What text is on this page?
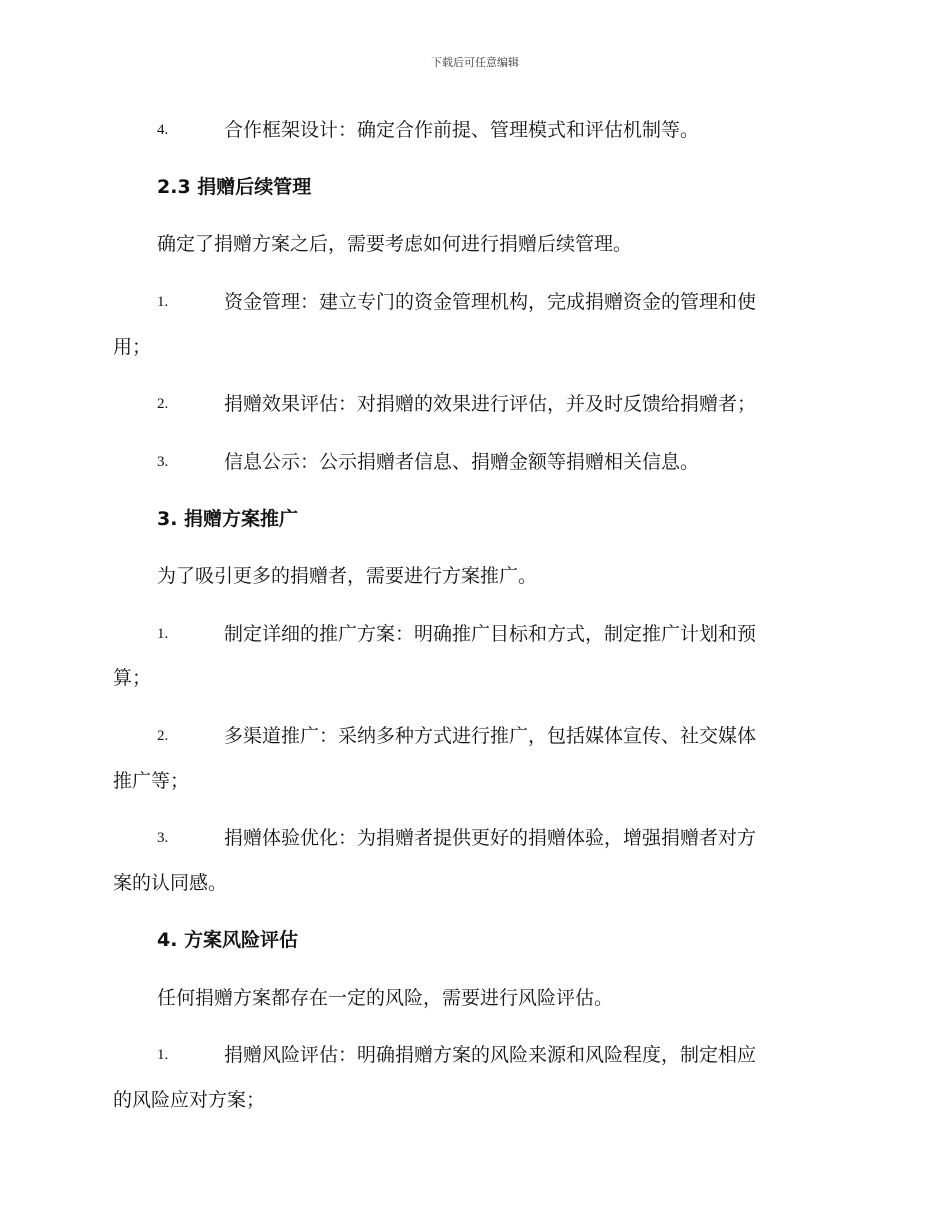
下载后可任意编辑
4.	合作框架设计：确定合作前提、管理模式和评估机制等。
2.3 捐赠后续管理
确定了捐赠方案之后，需要考虑如何进行捐赠后续管理。
1.	资金管理：建立专门的资金管理机构，完成捐赠资金的管理和使
用；
2.	捐赠效果评估：对捐赠的效果进行评估，并及时反馈给捐赠者；
3.	信息公示：公示捐赠者信息、捐赠金额等捐赠相关信息。
3. 捐赠方案推广
为了吸引更多的捐赠者，需要进行方案推广。
1.	制定详细的推广方案：明确推广目标和方式，制定推广计划和预
算；
2.	多渠道推广：采纳多种方式进行推广，包括媒体宣传、社交媒体
推广等；
3.	捐赠体验优化：为捐赠者提供更好的捐赠体验，增强捐赠者对方
案的认同感。
4. 方案风险评估
任何捐赠方案都存在一定的风险，需要进行风险评估。
1.	捐赠风险评估：明确捐赠方案的风险来源和风险程度，制定相应
的风险应对方案；
